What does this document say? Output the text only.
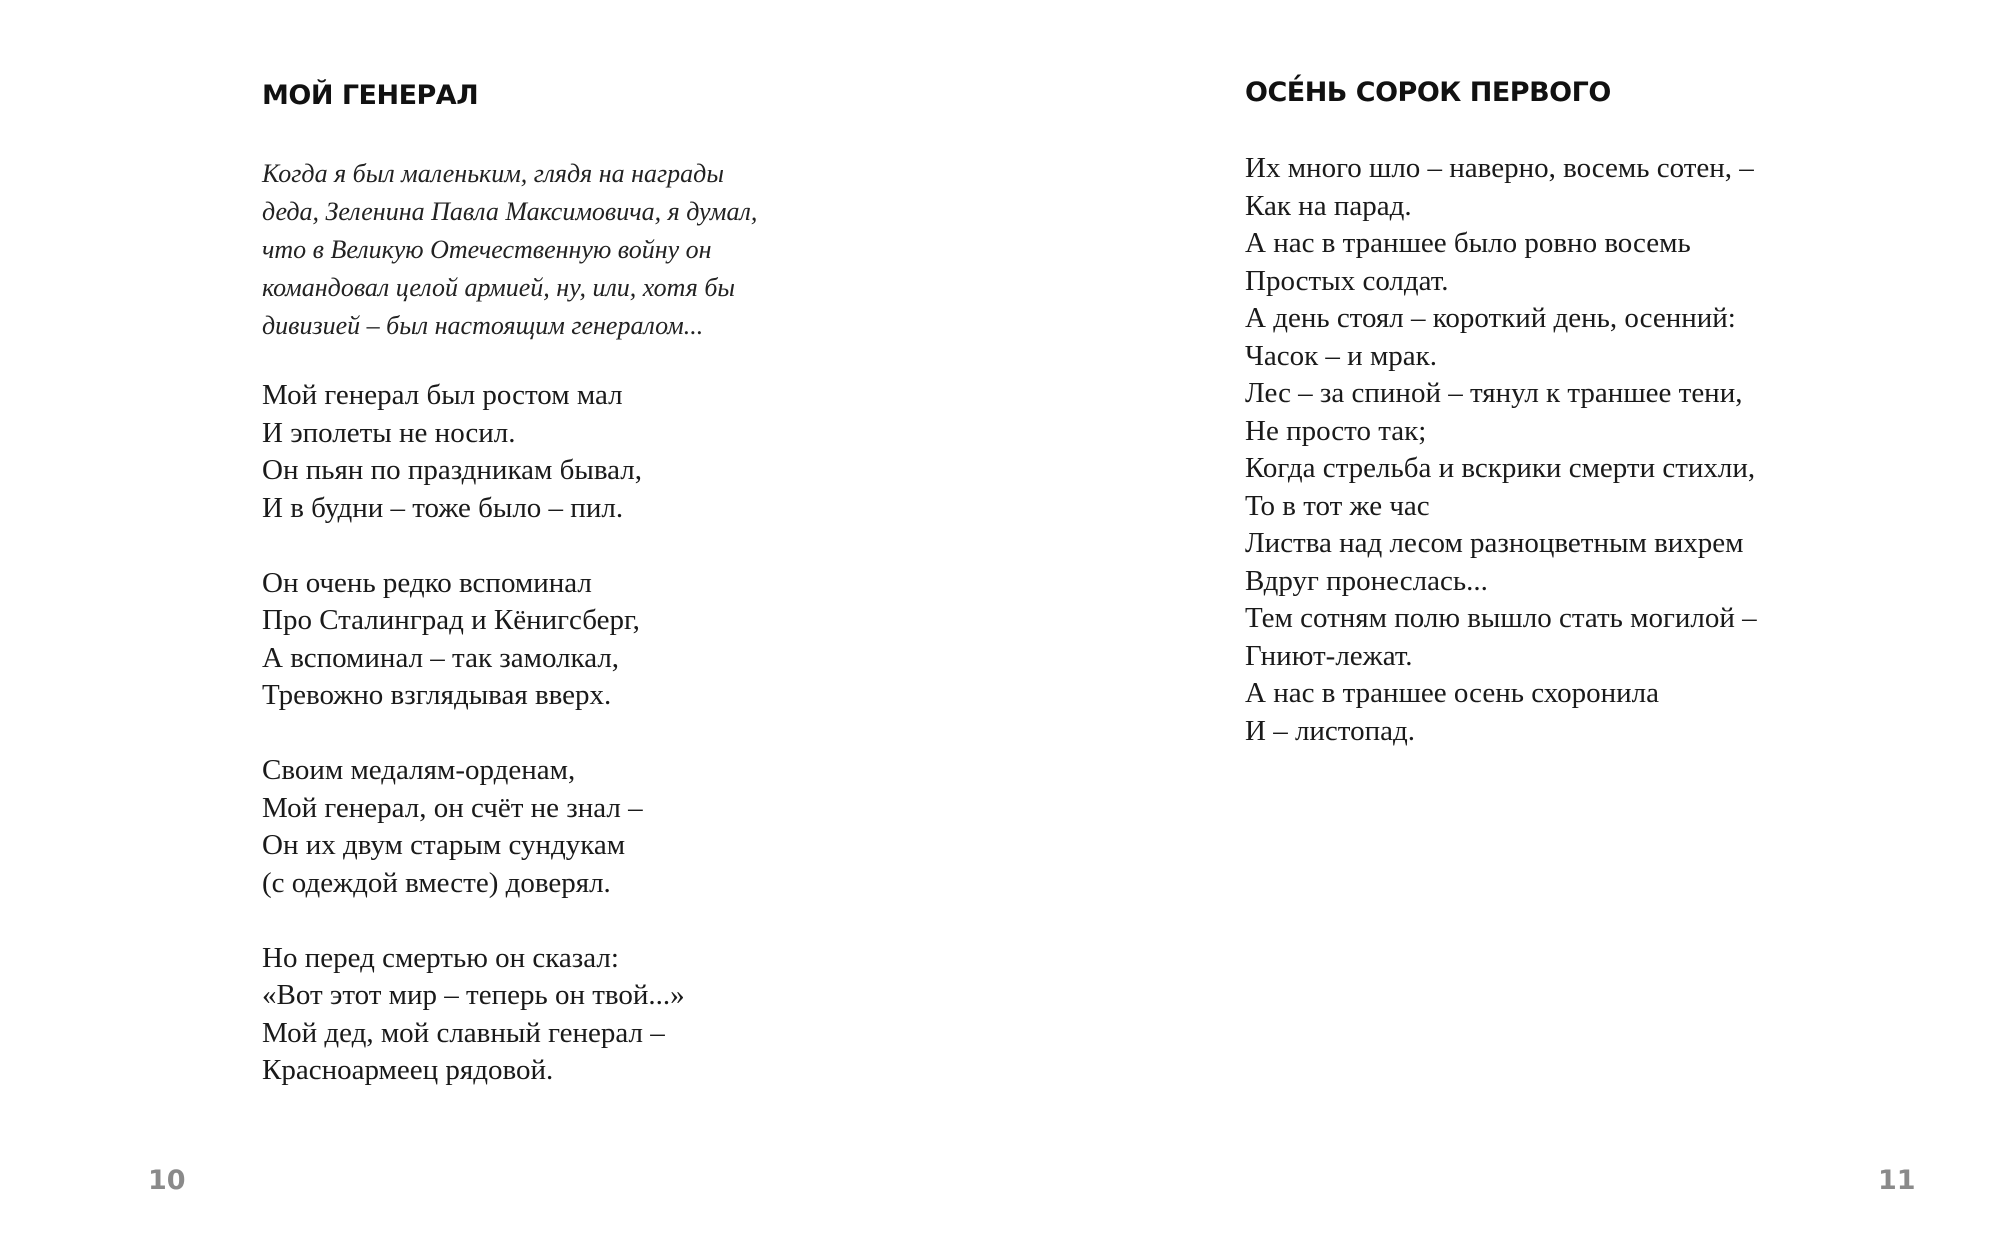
МОЙ ГЕНЕРАЛ
Когда я был маленьким, глядя на награды
деда, Зеленина Павла Максимовича, я думал,
что в Великую Отечественную войну он
командовал целой армией, ну, или, хотя бы
дивизией – был настоящим генералом...
Мой генерал был ростом мал
И эполеты не носил.
Он пьян по праздникам бывал,
И в будни – тоже было – пил.
Он очень редко вспоминал
Про Сталинград и Кёнигсберг,
А вспоминал – так замолкал,
Тревожно взглядывая вверх.
Своим медалям-орденам,
Мой генерал, он счёт не знал –
Он их двум старым сундукам
(с одеждой вместе) доверял.
Но перед смертью он сказал:
«Вот этот мир – теперь он твой...»
Мой дед, мой славный генерал –
Красноармеец рядовой.
10
ОСЕ́НЬ СОРОК ПЕРВОГО
Их много шло – наверно, восемь сотен, –
Как на парад.
А нас в траншее было ровно восемь
Простых солдат.
А день стоял – короткий день, осенний:
Часок – и мрак.
Лес – за спиной – тянул к траншее тени,
Не просто так;
Когда стрельба и вскрики смерти стихли,
То в тот же час
Листва над лесом разноцветным вихрем
Вдруг пронеслась...
Тем сотням полю вышло стать могилой –
Гниют-лежат.
А нас в траншее осень схоронила
И – листопад.
11
